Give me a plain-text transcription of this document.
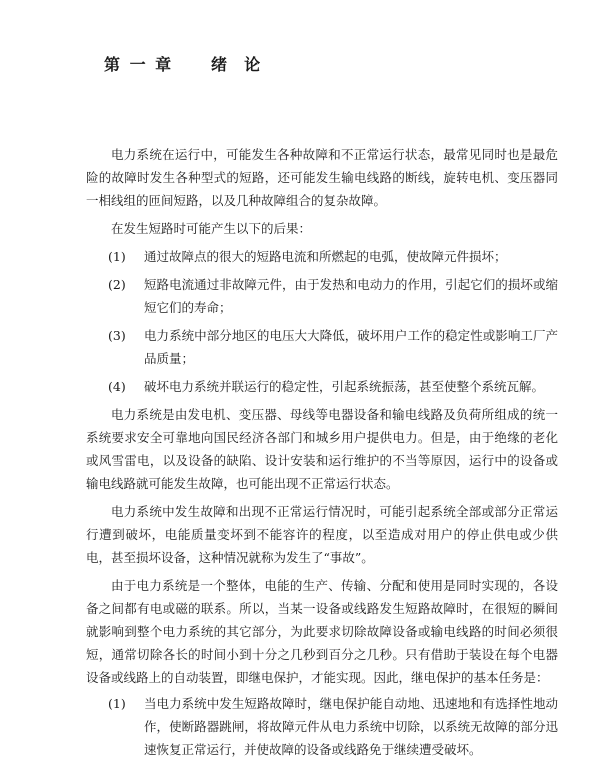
第 一 章     绪  论

电力系统在运行中，可能发生各种故障和不正常运行状态，最常见同时也是最危险的故障时发生各种型式的短路，还可能发生输电线路的断线，旋转电机、变压器同一相线组的匝间短路，以及几种故障组合的复杂故障。

在发生短路时可能产生以下的后果：

(1)	通过故障点的很大的短路电流和所燃起的电弧，使故障元件损坏；
(2)	短路电流通过非故障元件，由于发热和电动力的作用，引起它们的损坏或缩短它们的寿命；
(3)	电力系统中部分地区的电压大大降低，破坏用户工作的稳定性或影响工厂产品质量；
(4)	破坏电力系统并联运行的稳定性，引起系统振荡，甚至使整个系统瓦解。

电力系统是由发电机、变压器、母线等电器设备和输电线路及负荷所组成的统一系统要求安全可靠地向国民经济各部门和城乡用户提供电力。但是，由于绝缘的老化或风雪雷电，以及设备的缺陷、设计安装和运行维护的不当等原因，运行中的设备或输电线路就可能发生故障，也可能出现不正常运行状态。

电力系统中发生故障和出现不正常运行情况时，可能引起系统全部或部分正常运行遭到破坏，电能质量变坏到不能容许的程度，以至造成对用户的停止供电或少供电，甚至损坏设备，这种情况就称为发生了“事故”。

由于电力系统是一个整体，电能的生产、传输、分配和使用是同时实现的，各设备之间都有电或磁的联系。所以，当某一设备或线路发生短路故障时，在很短的瞬间就影响到整个电力系统的其它部分，为此要求切除故障设备或输电线路的时间必须很短，通常切除各长的时间小到十分之几秒到百分之几秒。只有借助于装设在每个电器设备或线路上的自动装置，即继电保护，才能实现。因此，继电保护的基本任务是：

(1)	当电力系统中发生短路故障时，继电保护能自动地、迅速地和有选择性地动作，使断路器跳闸，将故障元件从电力系统中切除，以系统无故障的部分迅速恢复正常运行，并使故障的设备或线路免于继续遭受破坏。
